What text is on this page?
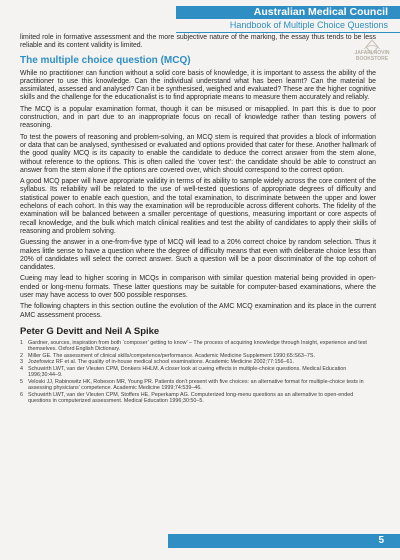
Australian Medical Council
Handbook of Multiple Choice Questions
JAFARI NOVIN
BOOKSTORE

limited role in formative assessment and the more subjective nature of the marking, the essay thus tends to be less reliable and its content validity is limited.

The multiple choice question (MCQ)

While no practitioner can function without a solid core basis of knowledge, it is important to assess the ability of the practitioner to use this knowledge. Can the individual understand what has been learnt? Can the material be assimilated, assessed and analysed? Can it be synthesised, weighed and evaluated? These are the higher cognitive skills and the challenge for the educationalist is to find appropriate means to measure them accurately and reliably.

The MCQ is a popular examination format, though it can be misused or misapplied. In part this is due to poor construction, and in part due to an inappropriate focus on recall of knowledge rather than testing powers of reasoning.

To test the powers of reasoning and problem-solving, an MCQ stem is required that provides a block of information or data that can be analysed, synthesised or evaluated and options provided that cater for these. Another hallmark of the good quality MCQ is its capacity to enable the candidate to deduce the correct answer from the stem alone, without reference to the options. This is often called the ‘cover test’: the candidate should be able to construct an answer from the stem alone if the options are covered over, which should correspond to the correct option.

A good MCQ paper will have appropriate validity in terms of its ability to sample widely across the core content of the syllabus. Its reliability will be related to the use of well-tested questions of appropriate degrees of difficulty and statistical power to enable each question, and the total examination, to discriminate between the upper and lower echelons of each cohort. In this way the examination will be reproducible across different cohorts. The fidelity of the examination will be balanced between a smaller percentage of questions, measuring important or core aspects of recall knowledge, and the bulk which match clinical realities and test the ability of candidates to apply their skills of reasoning and problem solving.

Guessing the answer in a one-from-five type of MCQ will lead to a 20% correct choice by random selection. Thus it makes little sense to have a question where the degree of difficulty means that even with deliberate choice less than 20% of candidates will select the correct answer. Such a question will be a poor discriminator of the top cohort of candidates.

Cueing may lead to higher scoring in MCQs in comparison with similar question material being provided in open-ended or long-menu formats. These latter questions may be suitable for computer-based examinations, where the user may have access to over 500 possible responses.

The following chapters in this section outline the evolution of the AMC MCQ examination and its place in the current AMC assessment process.

Peter G Devitt and Neil A Spike
1 Gardner, sources, inspiration from both ‘composer’ getting to know’ – The process of acquiring knowledge through Insight, experience and test themselves. Oxford English Dictionary.
2 Miller GE. The assessment of clinical skills/competence/performance. Academic Medicine Supplement 1990;65:S63–7S.
3 Jozefowicz RF et al. The quality of in-house medical school examinations. Academic Medicine 2002;77:156–61.
4 Schuwirth LWT, van der Vleuten CPM, Donkers HHLM. A closer look at cueing effects in multiple-choice questions. Medical Education 1996;30:44–9.
5 Veloski JJ, Rabinowitz HK, Robeson MR, Young PR. Patients don’t present with five choices: an alternative format for multiple-choice tests in assessing physicians’ competence. Academic Medicine 1999;74:539–46.
6 Schuwirth LWT, van der Vleuten CPM, Stoffers HE, Peperkamp AG. Computerized long-menu questions as an alternative to open-ended questions in computerized assessment. Medical Education 1996;30:50–5.
5
